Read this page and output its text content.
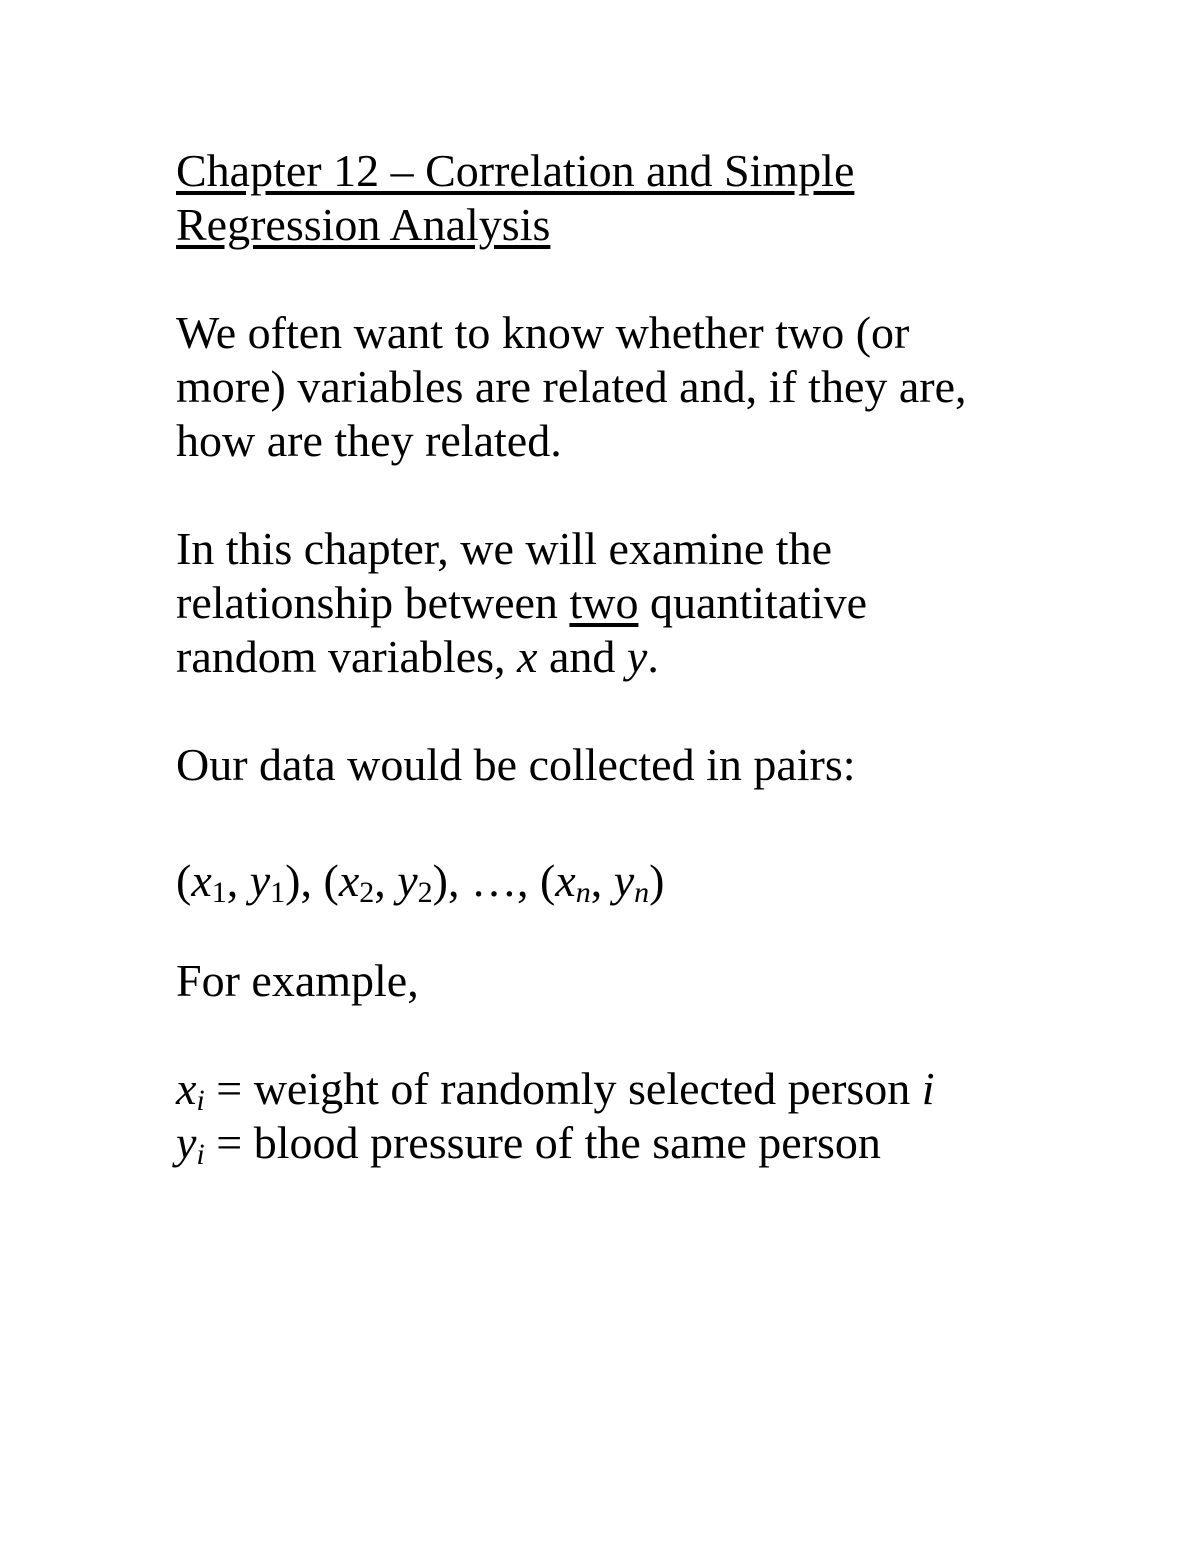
Chapter 12 – Correlation and Simple
Regression Analysis
We often want to know whether two (or
more) variables are related and, if they are,
how are they related.
In this chapter, we will examine the
relationship between two quantitative
random variables, x and y.
Our data would be collected in pairs:
($x_1$, $y_1$), ($x_2$, $y_2$), …, ($x_n$, $y_n$)
For example,
$x_i$ = weight of randomly selected person i
$y_i$ = blood pressure of the same person
